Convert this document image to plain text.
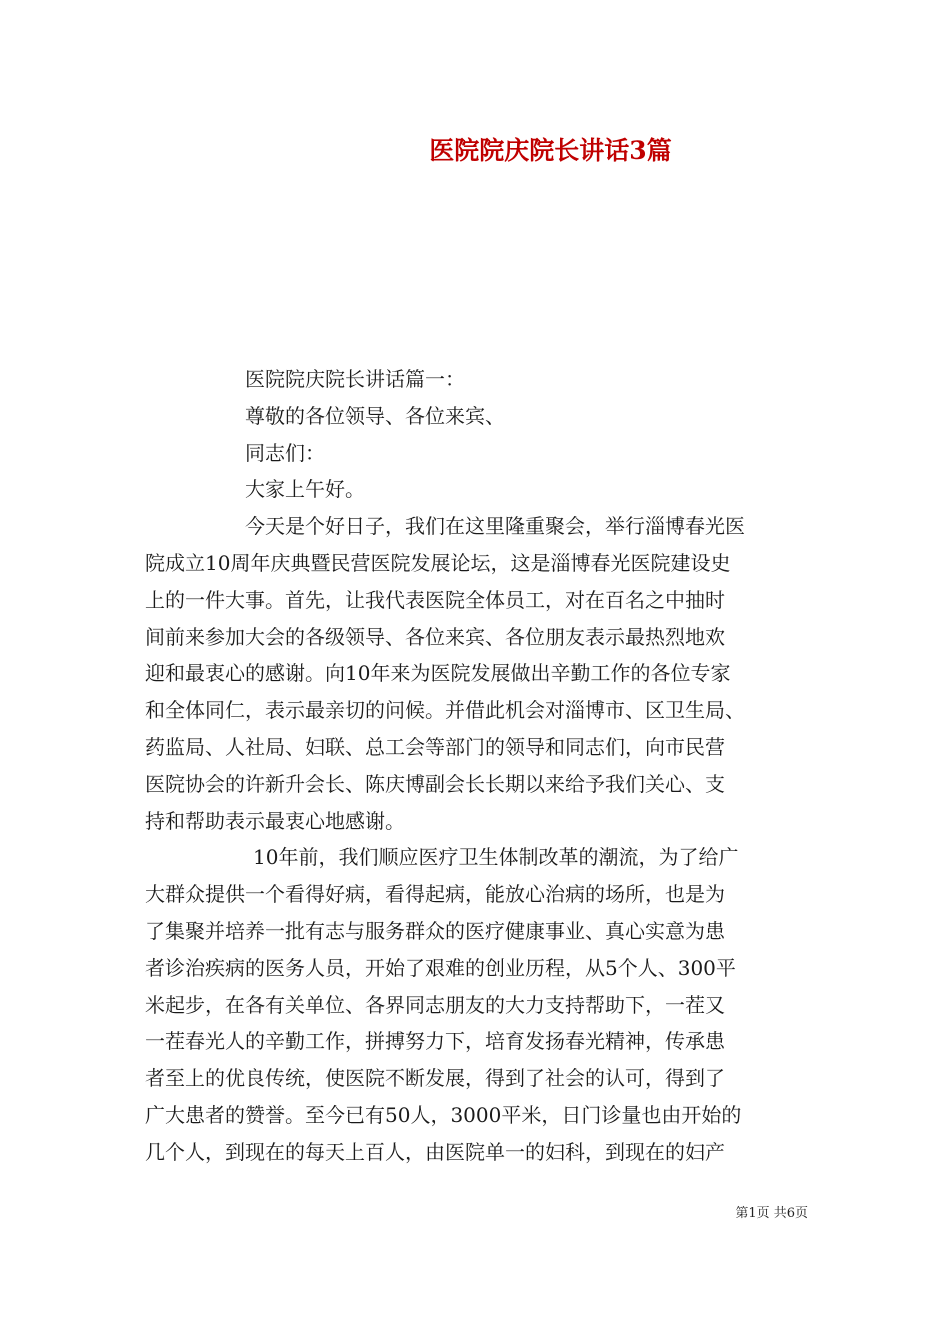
医院院庆院长讲话3篇
医院院庆院长讲话篇一：
尊敬的各位领导、各位来宾、
同志们：
大家上午好。
今天是个好日子，我们在这里隆重聚会，举行淄博春光医
院成立10周年庆典暨民营医院发展论坛，这是淄博春光医院建设史
上的一件大事。首先，让我代表医院全体员工，对在百名之中抽时
间前来参加大会的各级领导、各位来宾、各位朋友表示最热烈地欢
迎和最衷心的感谢。向10年来为医院发展做出辛勤工作的各位专家
和全体同仁，表示最亲切的问候。并借此机会对淄博市、区卫生局、
药监局、人社局、妇联、总工会等部门的领导和同志们，向市民营
医院协会的许新升会长、陈庆博副会长长期以来给予我们关心、支
持和帮助表示最衷心地感谢。
10年前，我们顺应医疗卫生体制改革的潮流，为了给广
大群众提供一个看得好病，看得起病，能放心治病的场所，也是为
了集聚并培养一批有志与服务群众的医疗健康事业、真心实意为患
者诊治疾病的医务人员，开始了艰难的创业历程，从5个人、300平
米起步，在各有关单位、各界同志朋友的大力支持帮助下，一茬又
一茬春光人的辛勤工作，拼搏努力下，培育发扬春光精神，传承患
者至上的优良传统，使医院不断发展，得到了社会的认可，得到了
广大患者的赞誉。至今已有50人，3000平米，日门诊量也由开始的
几个人，到现在的每天上百人，由医院单一的妇科，到现在的妇产
第1页 共6页
